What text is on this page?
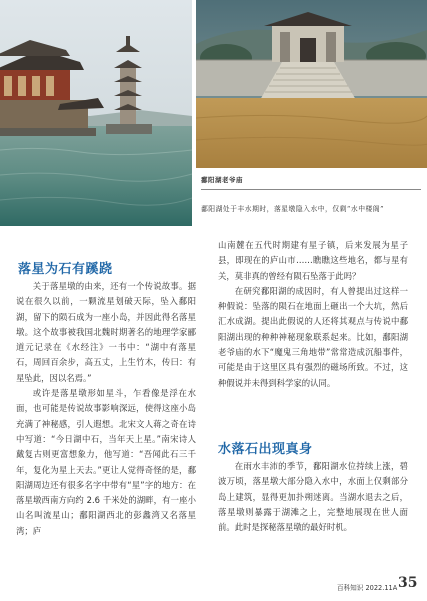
鄱阳湖老爷庙
鄱阳湖处于丰水期时，落星墩隐入水中，仅剩“水中楼阁”
落星为石有蹊跷

关于落星墩的由来，还有一个传说故事。据说在很久以前，一颗流星划破天际，坠入鄱阳湖，留下的陨石成为一座小岛，并因此得名落星墩。这个故事被我国北魏时期著名的地理学家郦道元记录在《水经注》一书中：“湖中有落星石，周回百余步，高五丈，上生竹木，传曰：有星坠此，因以名焉。”

或许是落星墩形如星斗，乍看像是浮在水面，也可能是传说故事影响深远，使得这座小岛充满了神秘感，引人遐想。北宋文人蒋之奇在诗中写道：“今日湖中石，当年天上星。”南宋诗人戴复古则更富想象力，他写道：“吾闻此石三千年，复化为星上天去。”更让人觉得奇怪的是，鄱阳湖周边还有很多名字中带有“星”字的地方：在落星墩西南方向约 2.6 千米处的湖畔，有一座小山名叫流星山；鄱阳湖西北的彭蠡湾又名落星湾；庐

山南麓在五代时期建有星子镇，后来发展为星子县，即现在的庐山市……瞧瞧这些地名，都与星有关，莫非真的曾经有陨石坠落于此吗？

在研究鄱阳湖的成因时，有人曾提出过这样一种假说：坠落的陨石在地面上砸出一个大坑，然后汇水成湖。提出此假说的人还将其观点与传说中鄱阳湖出现的种种神秘现象联系起来。比如，鄱阳湖老爷庙的水下“魔鬼三角地带”常常造成沉船事件，可能是由于这里区具有强烈的磁场所致。不过，这种假说并未得到科学家的认同。

水落石出现真身

在雨水丰沛的季节，鄱阳湖水位持续上涨，碧波万顷，落星墩大部分隐入水中，水面上仅剩部分岛上建筑，显得更加扑朔迷离。当湖水退去之后，落星墩则暴露于湖滩之上，完整地展现在世人面前。此时是探秘落星墩的最好时机。

百科知识 2022.11A 35
